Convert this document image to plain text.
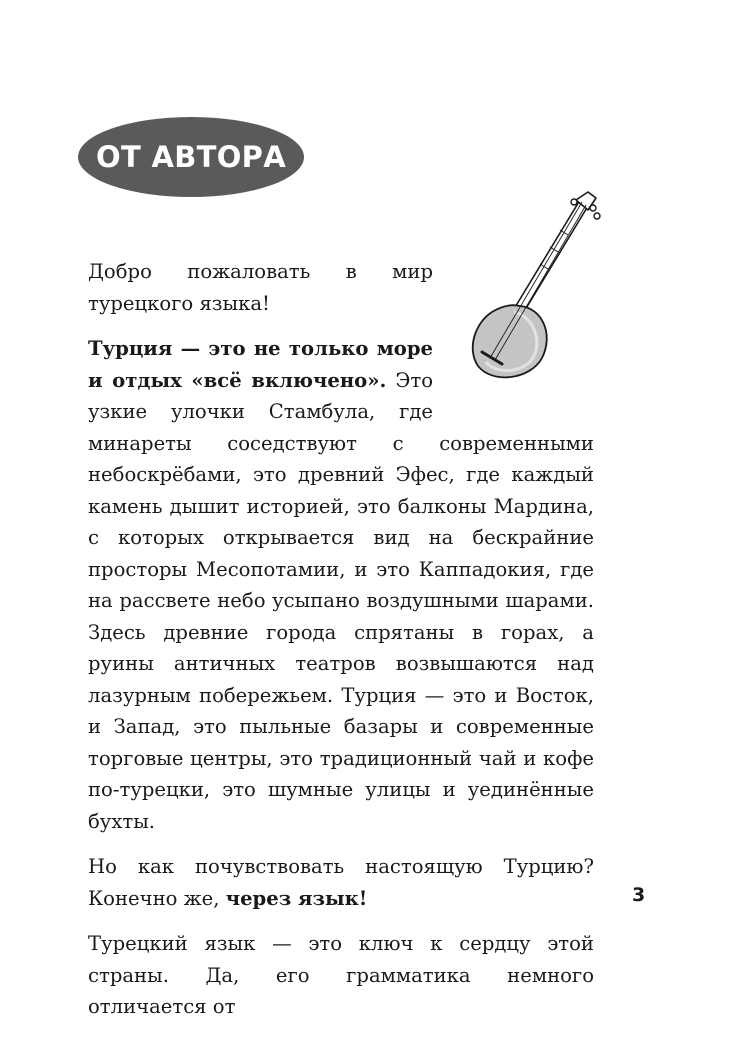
ОТ АВТОРА

Добро пожаловать в мир турецкого языка!

Турция — это не только море и отдых «всё включено». Это узкие улочки Стамбула, где минареты соседствуют с современными небоскрёбами, это древний Эфес, где каждый камень дышит историей, это балконы Мардина, с которых открывается вид на бескрайние просторы Месопотамии, и это Каппадокия, где на рассвете небо усыпано воздушными шарами. Здесь древние города спрятаны в горах, а руины античных театров возвышаются над лазурным побережьем. Турция — это и Восток, и Запад, это пыльные базары и современные торговые центры, это традиционный чай и кофе по-турецки, это шумные улицы и уединённые бухты.

Но как почувствовать настоящую Турцию? Конечно же, через язык!

Турецкий язык — это ключ к сердцу этой страны. Да, его грамматика немного отличается от

3
